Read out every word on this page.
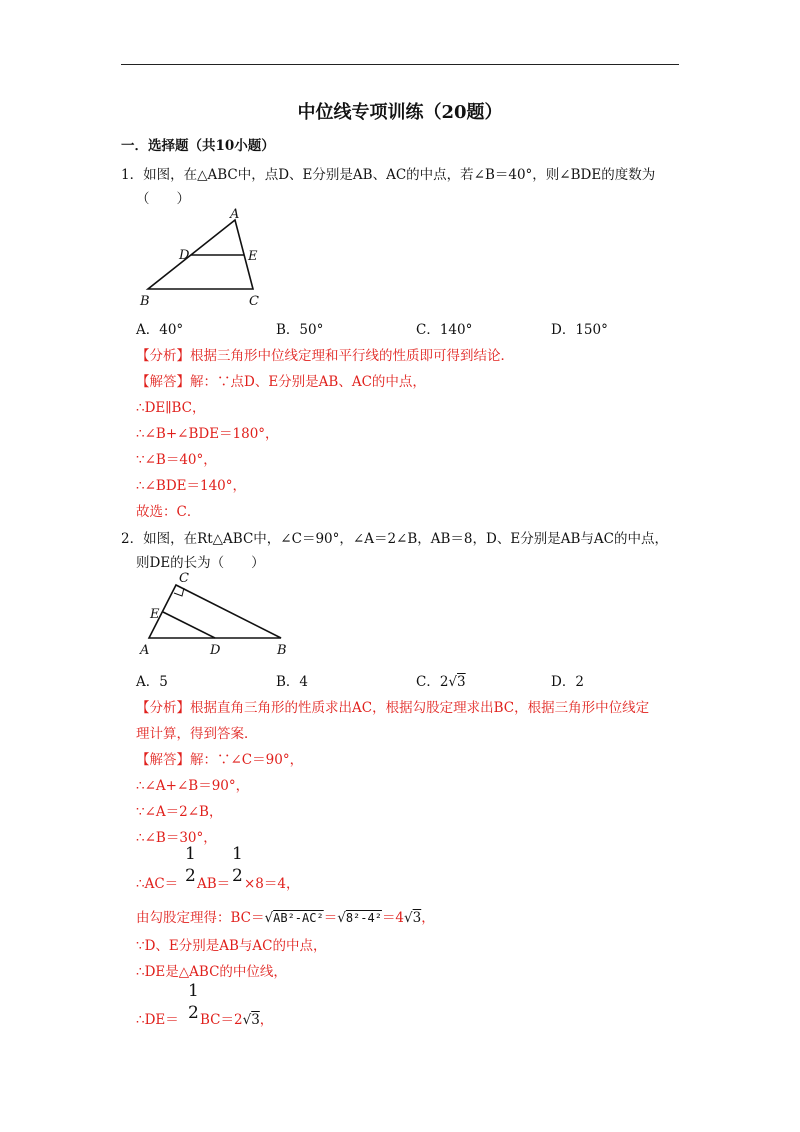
中位线专项训练（20题）
一．选择题（共10小题）
1．如图，在△ABC中，点D、E分别是AB、AC的中点，若∠B＝40°，则∠BDE的度数为
（　　）
A
D	E
B	C
A．40°	B．50°	C．140°	D．150°
【分析】根据三角形中位线定理和平行线的性质即可得到结论．
【解答】解：∵点D、E分别是AB、AC的中点，
∴DE∥BC，
∴∠B+∠BDE＝180°，
∵∠B＝40°，
∴∠BDE＝140°，
故选：C．
2．如图，在Rt△ABC中，∠C＝90°，∠A＝2∠B，AB＝8，D、E分别是AB与AC的中点，
则DE的长为（　　）
C
E
A	D	B
A．5	B．4	C．2√3	D．2
【分析】根据直角三角形的性质求出AC，根据勾股定理求出BC，根据三角形中位线定
理计算，得到答案．
【解答】解：∵∠C＝90°，
∴∠A+∠B＝90°，
∵∠A＝2∠B，
∴∠B＝30°，
1
2
1
2
∴AC＝ AB＝ ×8＝4，
由勾股定理得：BC＝√AB²-AC²＝√8²-4²＝4√3，
∵D、E分别是AB与AC的中点，
∴DE是△ABC的中位线，
1
2
∴DE＝ BC＝2√3，
